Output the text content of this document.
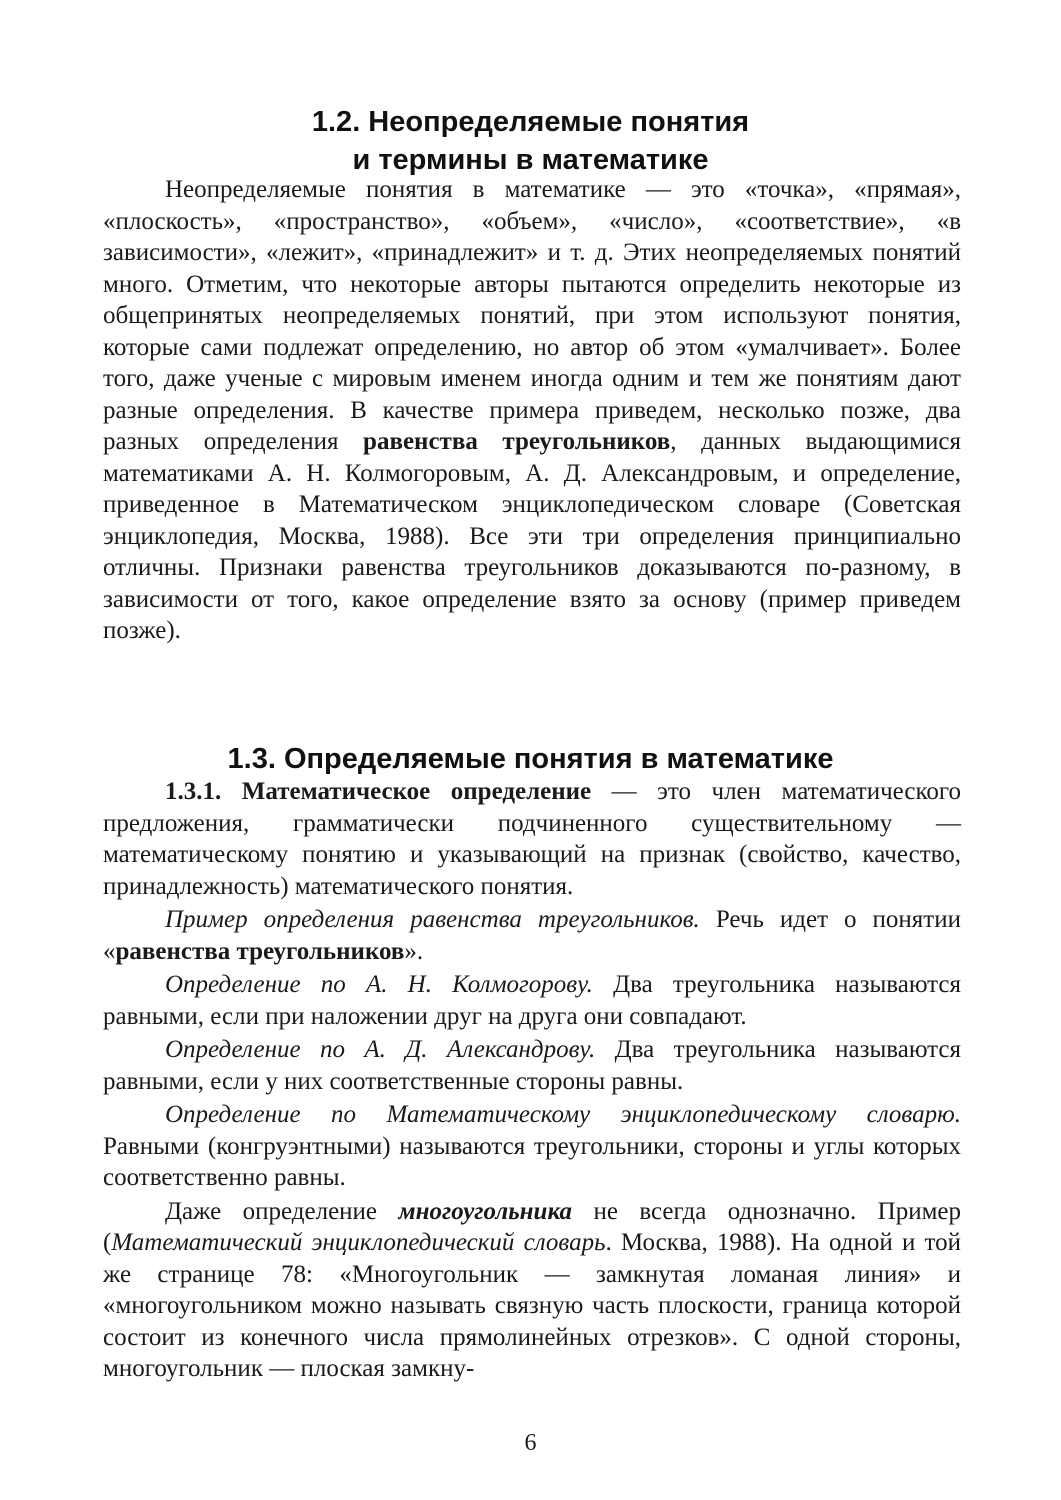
1.2. Неопределяемые понятия
и термины в математике

Неопределяемые понятия в математике — это «точка», «прямая», «плоскость», «пространство», «объем», «число», «соответствие», «в зависимости», «лежит», «принадлежит» и т. д. Этих неопределяемых понятий много. Отметим, что некоторые авторы пытаются определить некоторые из общепринятых неопределяемых понятий, при этом используют понятия, которые сами подлежат определению, но автор об этом «умалчивает». Более того, даже ученые с мировым именем иногда одним и тем же понятиям дают разные определения. В качестве примера приведем, несколько позже, два разных определения равенства треугольников, данных выдающимися математиками А. Н. Колмогоровым, А. Д. Александровым, и определение, приведенное в Математическом энциклопедическом словаре (Советская энциклопедия, Москва, 1988). Все эти три определения принципиально отличны. Признаки равенства треугольников доказываются по-разному, в зависимости от того, какое определение взято за основу (пример приведем позже).

1.3. Определяемые понятия в математике

1.3.1. Математическое определение — это член математического предложения, грамматически подчиненного существительному — математическому понятию и указывающий на признак (свойство, качество, принадлежность) математического понятия.

Пример определения равенства треугольников. Речь идет о понятии «равенства треугольников».

Определение по А. Н. Колмогорову. Два треугольника называются равными, если при наложении друг на друга они совпадают.

Определение по А. Д. Александрову. Два треугольника называются равными, если у них соответственные стороны равны.

Определение по Математическому энциклопедическому словарю. Равными (конгруэнтными) называются треугольники, стороны и углы которых соответственно равны.

Даже определение многоугольника не всегда однозначно. Пример (Математический энциклопедический словарь. Москва, 1988). На одной и той же странице 78: «Многоугольник — замкнутая ломаная линия» и «многоугольником можно называть связную часть плоскости, граница которой состоит из конечного числа прямолинейных отрезков». С одной стороны, многоугольник — плоская замкну-

6
